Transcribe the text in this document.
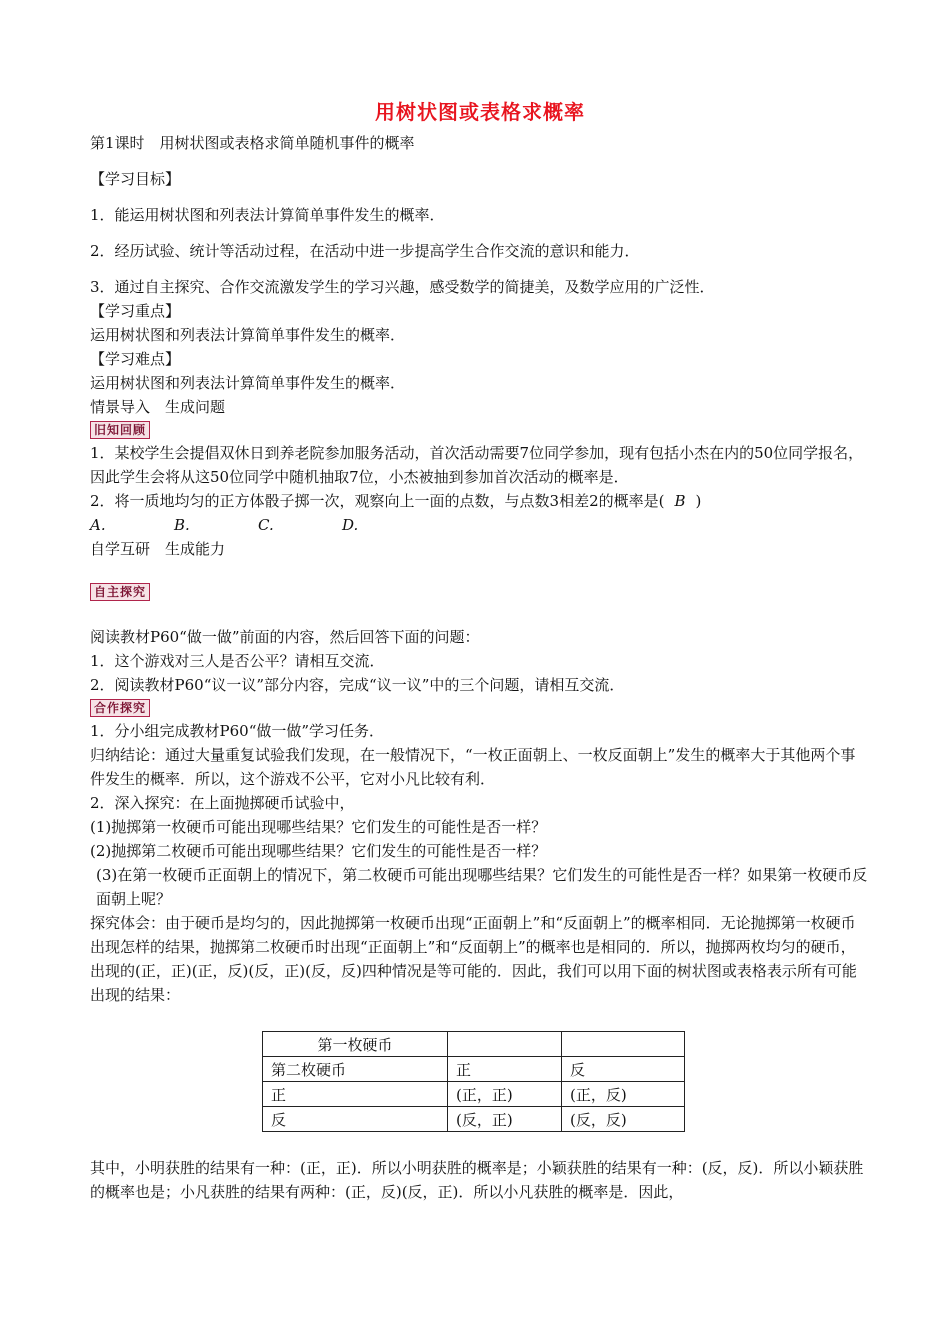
用树状图或表格求概率

第1课时　用树状图或表格求简单随机事件的概率

【学习目标】

1．能运用树状图和列表法计算简单事件发生的概率．

2．经历试验、统计等活动过程，在活动中进一步提高学生合作交流的意识和能力．

3．通过自主探究、合作交流激发学生的学习兴趣，感受数学的简捷美，及数学应用的广泛性．

【学习重点】

运用树状图和列表法计算简单事件发生的概率．

【学习难点】

运用树状图和列表法计算简单事件发生的概率．

情景导入　生成问题

旧知回顾

1．某校学生会提倡双休日到养老院参加服务活动，首次活动需要7位同学参加，现有包括小杰在内的50位同学报名，因此学生会将从这50位同学中随机抽取7位，小杰被抽到参加首次活动的概率是．

2．将一质地均匀的正方体骰子掷一次，观察向上一面的点数，与点数3相差2的概率是( B )

A.	B.	C.	D.

自学互研　生成能力

自主探究

阅读教材P60“做一做”前面的内容，然后回答下面的问题：

1．这个游戏对三人是否公平？请相互交流．

2．阅读教材P60“议一议”部分内容，完成“议一议”中的三个问题，请相互交流．

合作探究

1．分小组完成教材P60“做一做”学习任务．

归纳结论：通过大量重复试验我们发现，在一般情况下，“一枚正面朝上、一枚反面朝上”发生的概率大于其他两个事件发生的概率．所以，这个游戏不公平，它对小凡比较有利．

2．深入探究：在上面抛掷硬币试验中，

(1)抛掷第一枚硬币可能出现哪些结果？它们发生的可能性是否一样？

(2)抛掷第二枚硬币可能出现哪些结果？它们发生的可能性是否一样？

(3)在第一枚硬币正面朝上的情况下，第二枚硬币可能出现哪些结果？它们发生的可能性是否一样？如果第一枚硬币反面朝上呢？

探究体会：由于硬币是均匀的，因此抛掷第一枚硬币出现“正面朝上”和“反面朝上”的概率相同．无论抛掷第一枚硬币出现怎样的结果，抛掷第二枚硬币时出现“正面朝上”和“反面朝上”的概率也是相同的．所以，抛掷两枚均匀的硬币，出现的(正，正)(正，反)(反，正)(反，反)四种情况是等可能的．因此，我们可以用下面的树状图或表格表示所有可能出现的结果：

第一枚硬币		
第二枚硬币	正	反
正	(正，正)	(正，反)
反	(反，正)	(反，反)

其中，小明获胜的结果有一种：(正，正)．所以小明获胜的概率是；小颖获胜的结果有一种：(反，反)．所以小颖获胜的概率也是；小凡获胜的结果有两种：(正，反)(反，正)．所以小凡获胜的概率是．因此，
